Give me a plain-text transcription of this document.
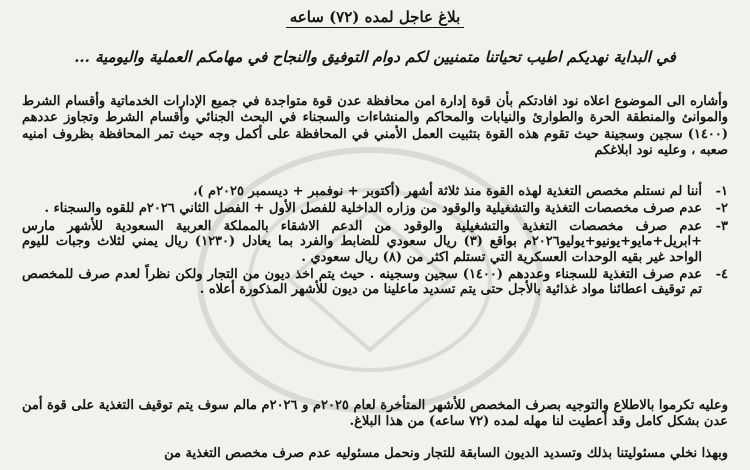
بلاغ عاجل لمده (٧٢) ساعه
في البداية نهديكم اطيب تحياتنا متمنيين لكم دوام التوفيق والنجاح في مهامكم العملية واليومية ...
وأشاره الى الموضوع اعلاه نود افادتكم بأن قوة إدارة امن محافظة عدن قوة متواجدة في جميع الإدارات الخدماتية وأقسام الشرط والموانئ والمنطقة الحرة والطوارئ والنيابات والمحاكم والمنشاءات والسجناء في البحث الجنائي وأقسام الشرط وتجاوز عددهم (١٤٠٠) سجين وسجينة حيث تقوم هذه القوة بتثبيت العمل الأمني في المحافظة على أكمل وجه حيث تمر المحافظة بظروف امنيه صعبه ، وعليه نود ابلاغكم
١-
أننا لم نستلم مخصص التغذية لهذه القوة منذ ثلاثة أشهر (أكتوبر + نوفمبر + ديسمبر ٢٠٢٥م )،
٢-
عدم صرف مخصصات التغذية والتشغيلية والوقود من وزاره الداخلية للفصل الأول + الفصل الثاني ٢٠٢٦م للقوه والسجناء .
٣-
عدم صرف مخصصات التغذية والتشغيلية والوقود من الدعم الاشقاء بالمملكة العربية السعودية للأشهر مارس +ابريل+مايو+يونيو+يوليو٢٠٢٦م بواقع (٣) ريال سعودي للضابط والفرد بما يعادل (١٢٣٠) ريال يمني لثلاث وجبات لليوم الواحد غير بقيه الوحدات العسكرية التي تستلم اكثر من (٨) ريال سعودي .
٤-
عدم صرف التغذية للسجناء وعددهم (١٤٠٠) سجين وسجينه . حيث يتم اخذ ديون من التجار ولكن نظراً لعدم صرف للمخصص تم توقيف اعطائنا مواد غذائية بالأجل حتى يتم تسديد ماعلينا من ديون للأشهر المذكورة أعلاه .
وعليه تكرموا بالاطلاع والتوجيه بصرف المخصص للأشهر المتأخرة لعام ٢٠٢٥م و ٢٠٢٦م مالم سوف يتم توقيف التغذية على قوة أمن عدن بشكل كامل وقد أعطيت لنا مهله لمده (٧٢ ساعه) من هذا البلاغ.
وبهذا نخلي مسئوليتنا بذلك وتسديد الديون السابقة للتجار ونحمل مسئوليه عدم صرف مخصص التغذية من
